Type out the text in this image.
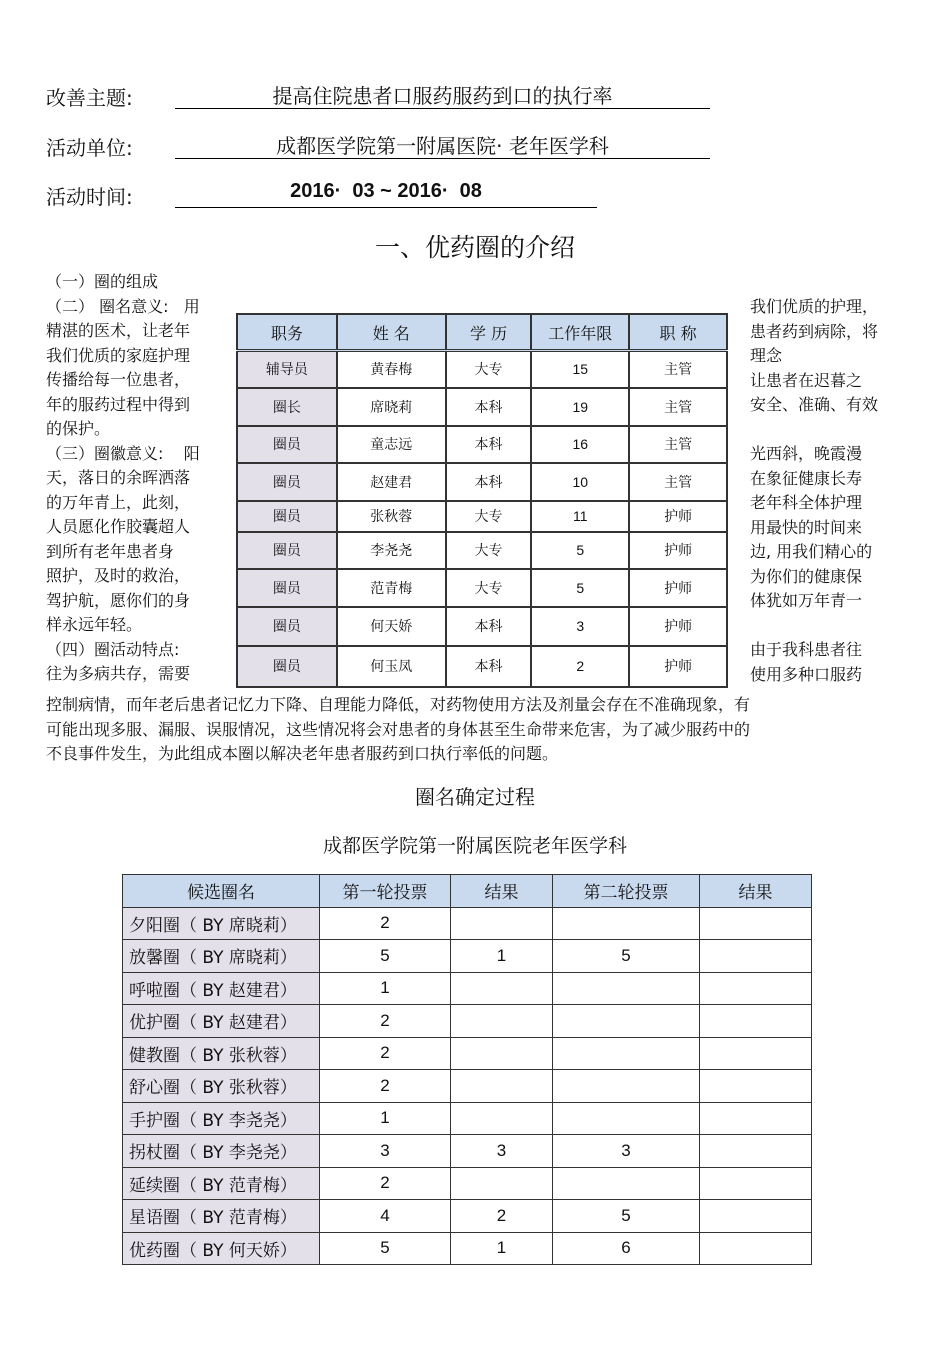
改善主题:	提高住院患者口服药服药到口的执行率
活动单位:	成都医学院第一附属医院· 老年医学科
活动时间:	2016·  03 ~ 2016·  08
一、优药圈的介绍
（一）圈的组成
（二） 圈名意义:   用
精湛的医术，让老年
我们优质的家庭护理
传播给每一位患者，
年的服药过程中得到
的保护。
（三）圈徽意义:    阳
天，落日的余晖洒落
的万年青上，此刻，
人员愿化作胶囊超人
到所有老年患者身
照护，及时的救治，
驾护航，愿你们的身
样永远年轻。
（四）圈活动特点:
往为多病共存，需要
我们优质的护理，
患者药到病除，将
理念
让患者在迟暮之
安全、准确、有效

光西斜，晚霞漫
在象征健康长寿
老年科全体护理
用最快的时间来
边, 用我们精心的
为你们的健康保
体犹如万年青一

由于我科患者往
使用多种口服药
职务	姓 名	学 历	工作年限	职 称
辅导员	黄春梅	大专	15	主管
圈长	席晓莉	本科	19	主管
圈员	童志远	本科	16	主管
圈员	赵建君	本科	10	主管
圈员	张秋蓉	大专	11	护师
圈员	李尧尧	大专	5	护师
圈员	范青梅	大专	5	护师
圈员	何天娇	本科	3	护师
圈员	何玉凤	本科	2	护师
控制病情，而年老后患者记忆力下降、自理能力降低，对药物使用方法及剂量会存在不准确现象，有
可能出现多服、漏服、误服情况，这些情况将会对患者的身体甚至生命带来危害，为了减少服药中的
不良事件发生，为此组成本圈以解决老年患者服药到口执行率低的问题。
圈名确定过程
成都医学院第一附属医院老年医学科
候选圈名	第一轮投票	结果	第二轮投票	结果
夕阳圈（ BY 席晓莉）	2			
放馨圈（ BY 席晓莉）	5	1	5	
呼啦圈（ BY 赵建君）	1			
优护圈（ BY 赵建君）	2			
健教圈（ BY 张秋蓉）	2			
舒心圈（ BY 张秋蓉）	2			
手护圈（ BY 李尧尧）	1			
拐杖圈（ BY 李尧尧）	3	3	3	
延续圈（ BY 范青梅）	2			
星语圈（ BY 范青梅）	4	2	5	
优药圈（ BY 何天娇）	5	1	6	
